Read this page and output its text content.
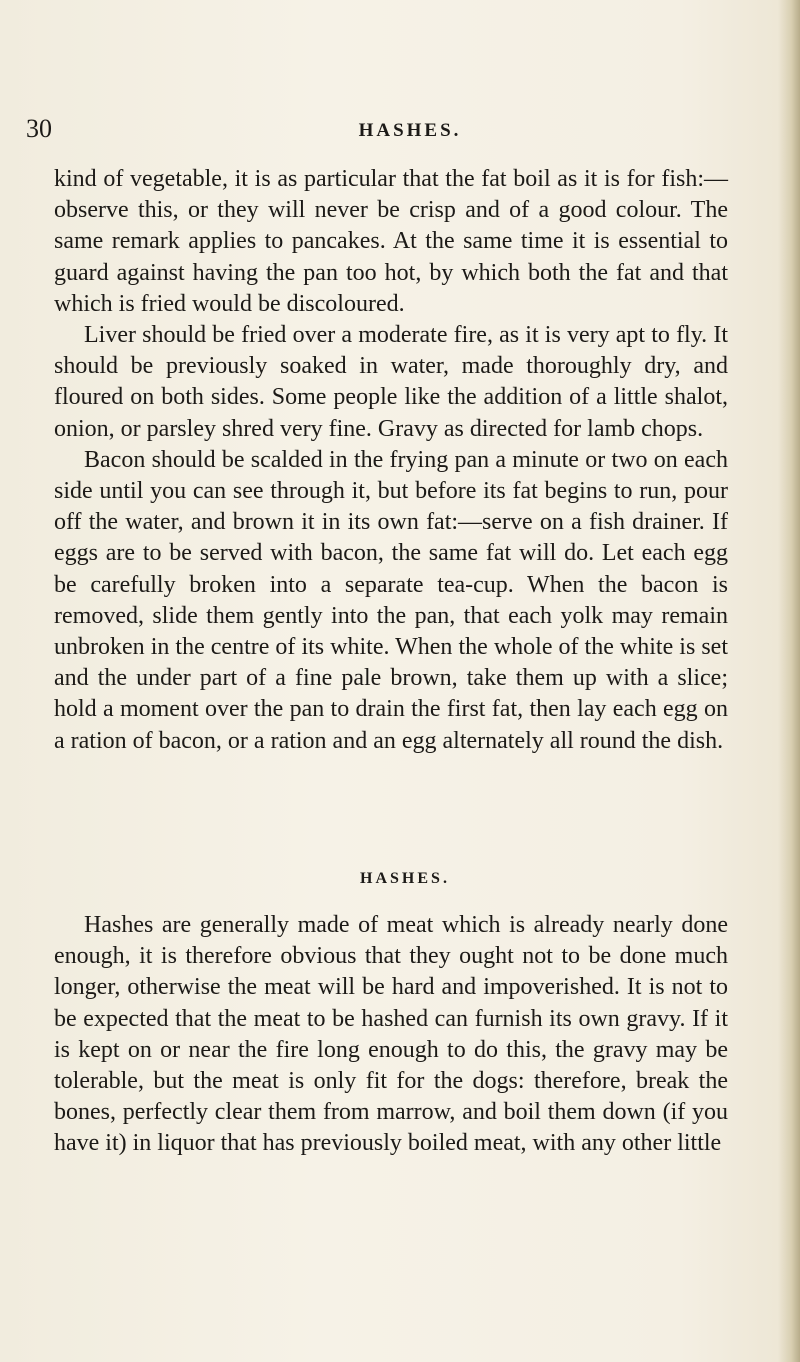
30	HASHES.

kind of vegetable, it is as particular that the fat boil as it is for fish:—observe this, or they will never be crisp and of a good colour. The same remark applies to pancakes. At the same time it is essential to guard against having the pan too hot, by which both the fat and that which is fried would be discoloured.

Liver should be fried over a moderate fire, as it is very apt to fly. It should be previously soaked in water, made thoroughly dry, and floured on both sides. Some people like the addition of a little shalot, onion, or parsley shred very fine. Gravy as directed for lamb chops.

Bacon should be scalded in the frying pan a minute or two on each side until you can see through it, but before its fat begins to run, pour off the water, and brown it in its own fat:—serve on a fish drainer. If eggs are to be served with bacon, the same fat will do. Let each egg be carefully broken into a separate tea-cup. When the bacon is removed, slide them gently into the pan, that each yolk may remain unbroken in the centre of its white. When the whole of the white is set and the under part of a fine pale brown, take them up with a slice; hold a moment over the pan to drain the first fat, then lay each egg on a ration of bacon, or a ration and an egg alternately all round the dish.

HASHES.

Hashes are generally made of meat which is already nearly done enough, it is therefore obvious that they ought not to be done much longer, otherwise the meat will be hard and impoverished. It is not to be expected that the meat to be hashed can furnish its own gravy. If it is kept on or near the fire long enough to do this, the gravy may be tolerable, but the meat is only fit for the dogs: therefore, break the bones, perfectly clear them from marrow, and boil them down (if you have it) in liquor that has previously boiled meat, with any other little
